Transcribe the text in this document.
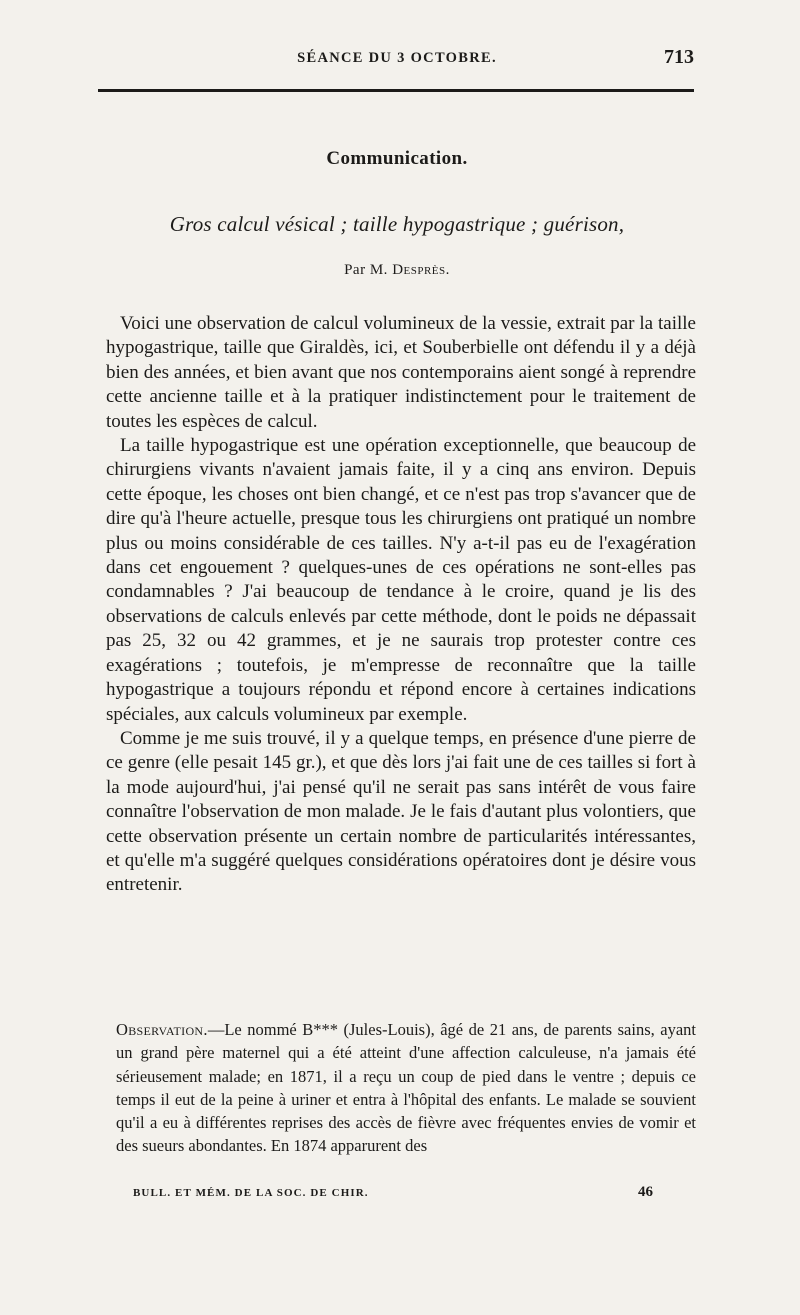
SÉANCE DU 3 OCTOBRE.	713
Communication.
Gros calcul vésical ; taille hypogastrique ; guérison,
Par M. Desprès.

Voici une observation de calcul volumineux de la vessie, extrait par la taille hypogastrique, taille que Giraldès, ici, et Souberbielle ont défendu il y a déjà bien des années, et bien avant que nos contemporains aient songé à reprendre cette ancienne taille et à la pratiquer indistinctement pour le traitement de toutes les espèces de calcul.

La taille hypogastrique est une opération exceptionnelle, que beaucoup de chirurgiens vivants n'avaient jamais faite, il y a cinq ans environ. Depuis cette époque, les choses ont bien changé, et ce n'est pas trop s'avancer que de dire qu'à l'heure actuelle, presque tous les chirurgiens ont pratiqué un nombre plus ou moins considérable de ces tailles. N'y a-t-il pas eu de l'exagération dans cet engouement ? quelques-unes de ces opérations ne sont-elles pas condamnables ? J'ai beaucoup de tendance à le croire, quand je lis des observations de calculs enlevés par cette méthode, dont le poids ne dépassait pas 25, 32 ou 42 grammes, et je ne saurais trop protester contre ces exagérations ; toutefois, je m'empresse de reconnaître que la taille hypogastrique a toujours répondu et répond encore à certaines indications spéciales, aux calculs volumineux par exemple.

Comme je me suis trouvé, il y a quelque temps, en présence d'une pierre de ce genre (elle pesait 145 gr.), et que dès lors j'ai fait une de ces tailles si fort à la mode aujourd'hui, j'ai pensé qu'il ne serait pas sans intérêt de vous faire connaître l'observation de mon malade. Je le fais d'autant plus volontiers, que cette observation présente un certain nombre de particularités intéressantes, et qu'elle m'a suggéré quelques considérations opératoires dont je désire vous entretenir.

Observation.—Le nommé B*** (Jules-Louis), âgé de 21 ans, de parents sains, ayant un grand père maternel qui a été atteint d'une affection calculeuse, n'a jamais été sérieusement malade; en 1871, il a reçu un coup de pied dans le ventre ; depuis ce temps il eut de la peine à uriner et entra à l'hôpital des enfants. Le malade se souvient qu'il a eu à différentes reprises des accès de fièvre avec fréquentes envies de vomir et des sueurs abondantes. En 1874 apparurent des

BULL. ET MÉM. DE LA SOC. DE CHIR.	46
